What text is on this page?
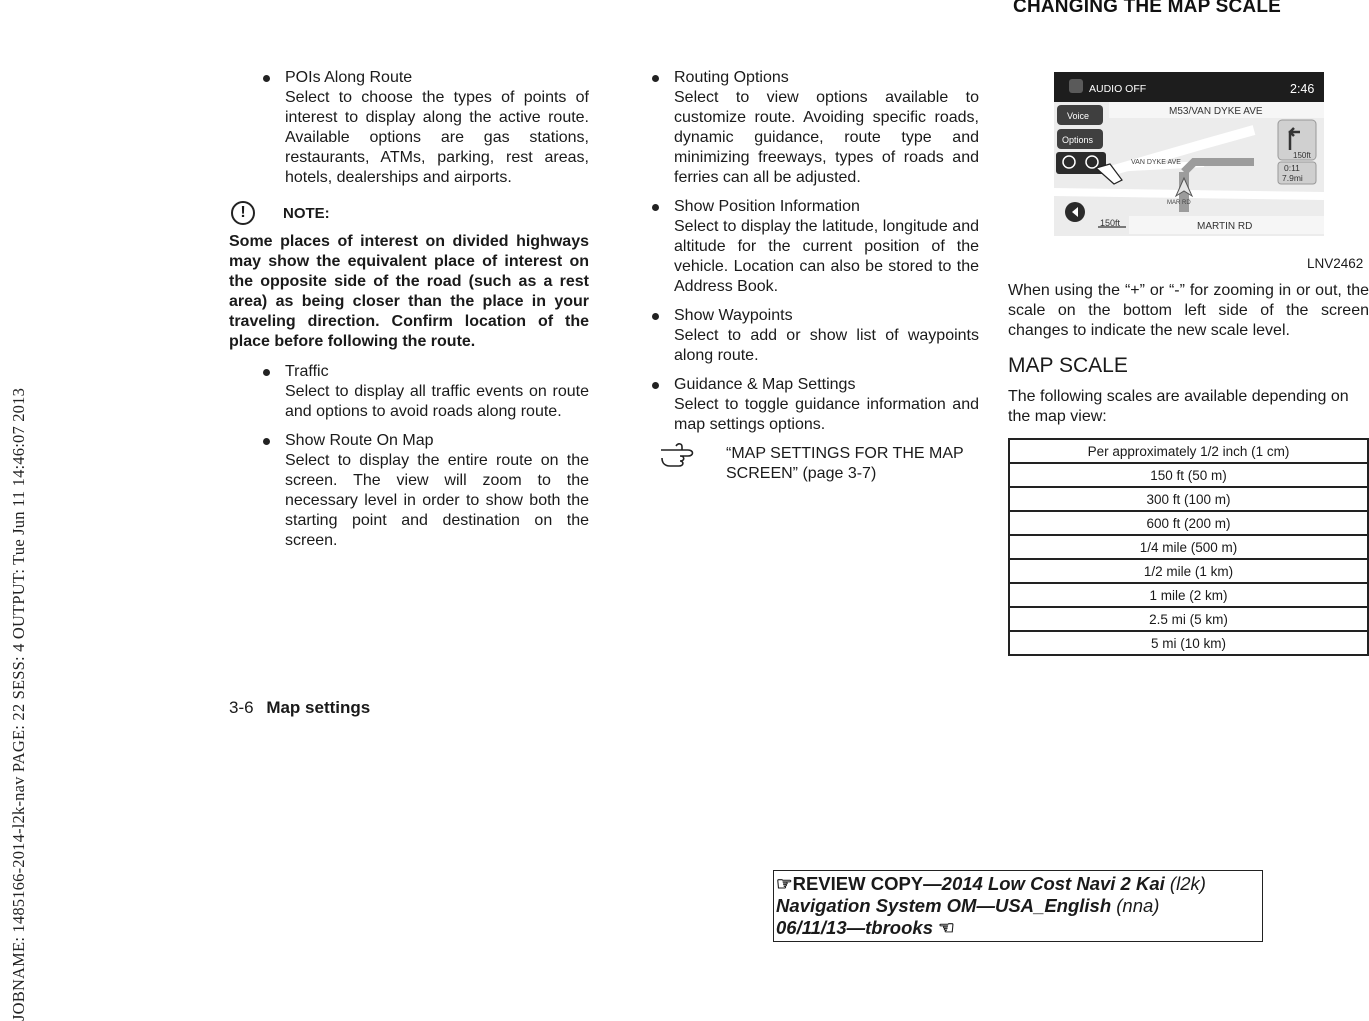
JOBNAME: 1485166-2014-l2k-nav PAGE: 22 SESS: 4 OUTPUT: Tue Jun 11 14:46:07 2013
CHANGING THE MAP SCALE
POIs Along Route
Select to choose the types of points of interest to display along the active route. Available options are gas stations, restaurants, ATMs, parking, rest areas, hotels, dealerships and airports.
!	NOTE:
Some places of interest on divided highways may show the equivalent place of interest on the opposite side of the road (such as a rest area) as being closer than the place in your traveling direction. Confirm location of the place before following the route.
Traffic
Select to display all traffic events on route and options to avoid roads along route.
Show Route On Map
Select to display the entire route on the screen. The view will zoom to the necessary level in order to show both the starting point and destination on the screen.
Routing Options
Select to view options available to customize route. Avoiding specific roads, dynamic guidance, route type and minimizing freeways, types of roads and ferries can all be adjusted.
Show Position Information
Select to display the latitude, longitude and altitude for the current position of the vehicle. Location can also be stored to the Address Book.
Show Waypoints
Select to add or show list of waypoints along route.
Guidance & Map Settings
Select to toggle guidance information and map settings options.
“MAP SETTINGS FOR THE MAP SCREEN” (page 3-7)
AUDIO OFF	2:46
M53/VAN DYKE AVE
Voice
Options
VAN DYKE AVE
MAR RD
150ft
0:11
7.9mi
150ft	MARTIN RD
LNV2462
When using the “+” or “-” for zooming in or out, the scale on the bottom left side of the screen changes to indicate the new scale level.
MAP SCALE
The following scales are available depending on the map view:
Per approximately 1/2 inch (1 cm)
150 ft (50 m)
300 ft (100 m)
600 ft (200 m)
1/4 mile (500 m)
1/2 mile (1 km)
1 mile (2 km)
2.5 mi (5 km)
5 mi (10 km)
3-6 Map settings
☞REVIEW COPY—2014 Low Cost Navi 2 Kai (l2k)
Navigation System OM—USA_English (nna)
06/11/13—tbrooks ☜
